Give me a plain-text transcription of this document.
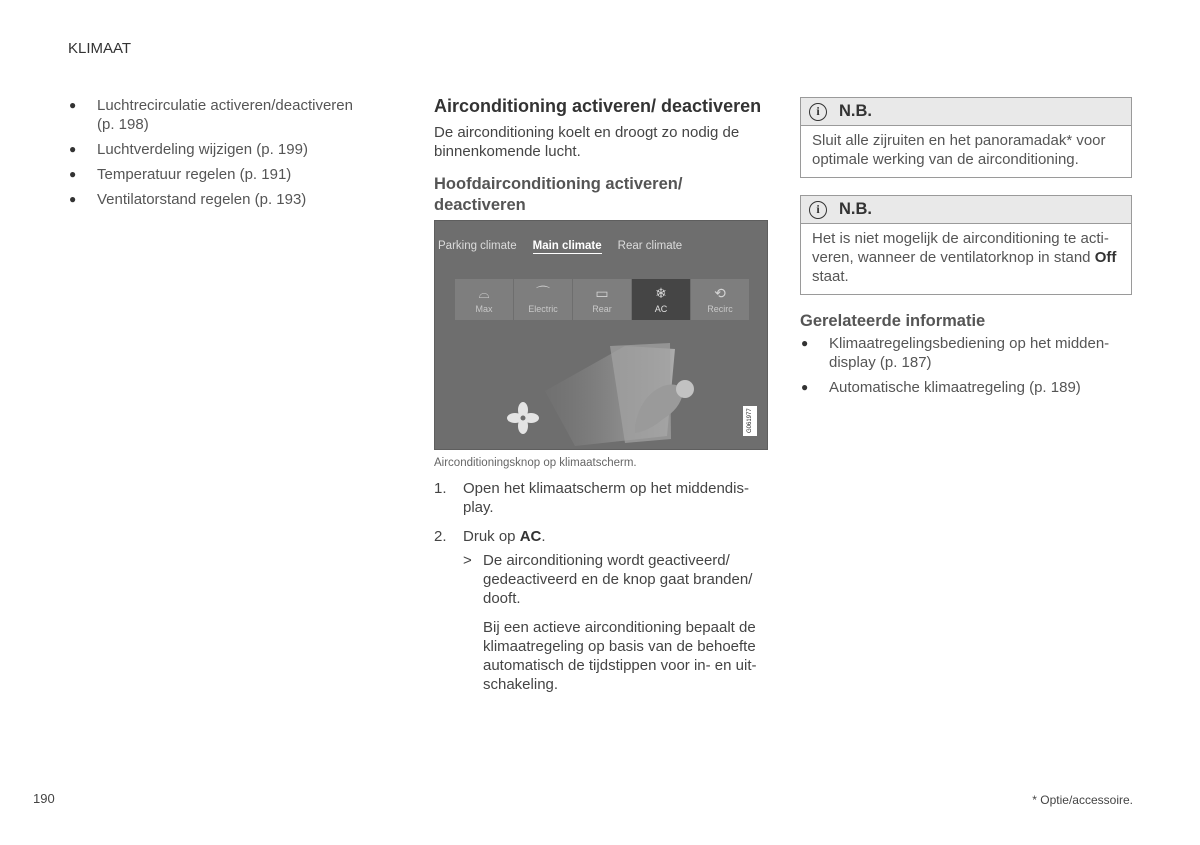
KLIMAAT
● Luchtrecirculatie activeren/deactiveren (p. 198)
● Luchtverdeling wijzigen (p. 199)
● Temperatuur regelen (p. 191)
● Ventilatorstand regelen (p. 193)
Airconditioning activeren/ deactiveren
De airconditioning koelt en droogt zo nodig de binnenkomende lucht.
Hoofdairconditioning activeren/ deactiveren
Parking climate Main climate Rear climate
⌓
Max
⌒
Electric
▭
Rear
❄
AC
⟲
Recirc
G061977
Airconditioningsknop op klimaatscherm.
1. Open het klimaatscherm op het middendis-play.
2. Druk op AC.
> De airconditioning wordt geactiveerd/ gedeactiveerd en de knop gaat branden/ dooft.
Bij een actieve airconditioning bepaalt de klimaatregeling op basis van de behoefte automatisch de tijdstippen voor in- en uit-schakeling.
i	N.B.
Sluit alle zijruiten en het panoramadak* voor optimale werking van de airconditioning.
i	N.B.
Het is niet mogelijk de airconditioning te acti-veren, wanneer de ventilatorknop in stand Off staat.
Gerelateerde informatie
● Klimaatregelingsbediening op het midden-display (p. 187)
● Automatische klimaatregeling (p. 189)
190	* Optie/accessoire.
